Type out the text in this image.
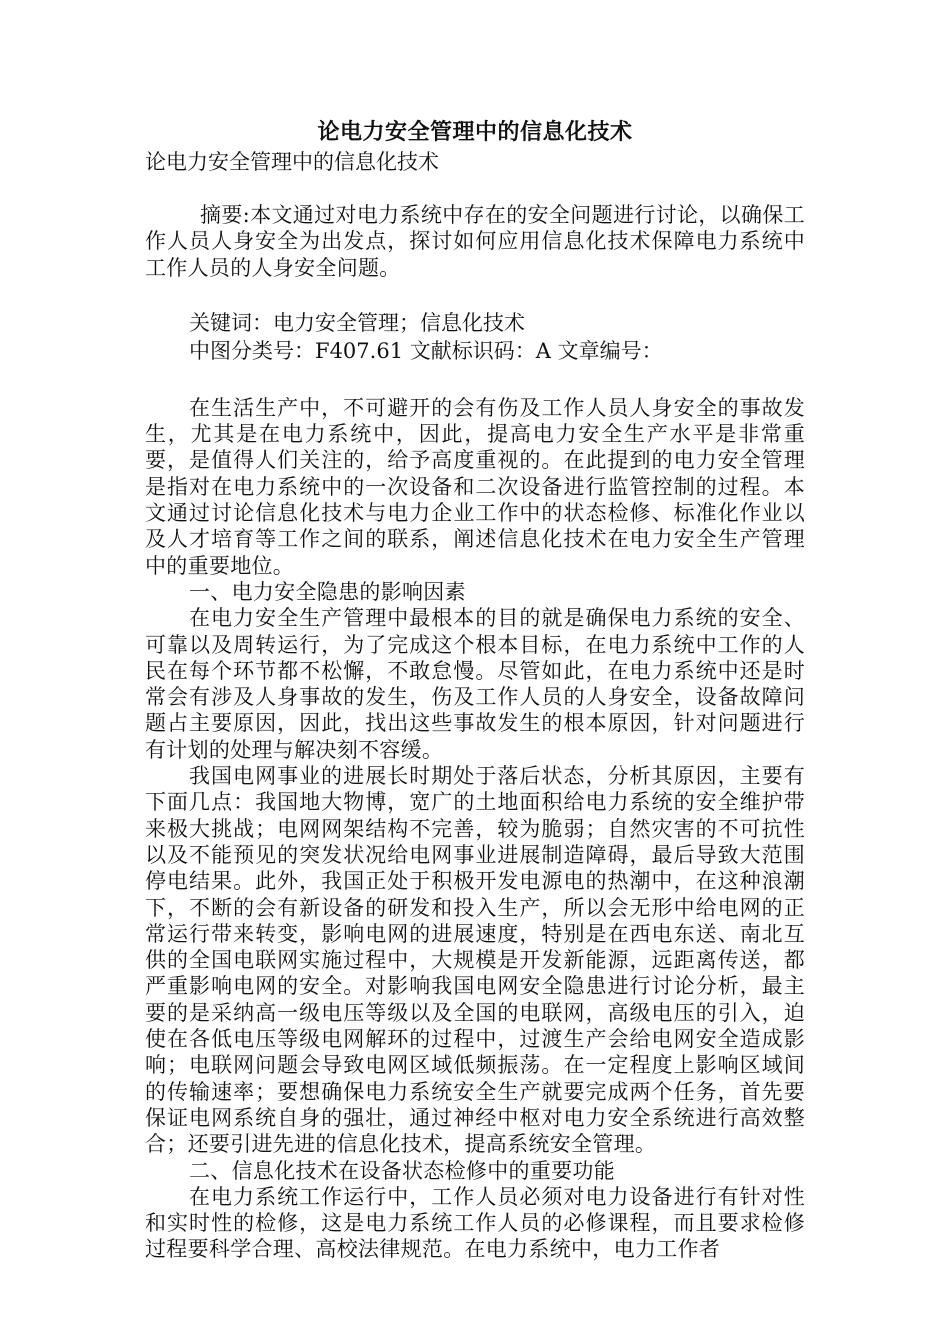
论电力安全管理中的信息化技术

论电力安全管理中的信息化技术

摘要:本文通过对电力系统中存在的安全问题进行讨论，以确保工作人员人身安全为出发点，探讨如何应用信息化技术保障电力系统中工作人员的人身安全问题。

关键词：电力安全管理；信息化技术

中图分类号：F407.61 文献标识码：A 文章编号：

在生活生产中，不可避开的会有伤及工作人员人身安全的事故发生，尤其是在电力系统中，因此，提高电力安全生产水平是非常重要，是值得人们关注的，给予高度重视的。在此提到的电力安全管理是指对在电力系统中的一次设备和二次设备进行监管控制的过程。本文通过讨论信息化技术与电力企业工作中的状态检修、标准化作业以及人才培育等工作之间的联系，阐述信息化技术在电力安全生产管理中的重要地位。

一、电力安全隐患的影响因素

在电力安全生产管理中最根本的目的就是确保电力系统的安全、可靠以及周转运行，为了完成这个根本目标，在电力系统中工作的人民在每个环节都不松懈，不敢怠慢。尽管如此，在电力系统中还是时常会有涉及人身事故的发生，伤及工作人员的人身安全，设备故障问题占主要原因，因此，找出这些事故发生的根本原因，针对问题进行有计划的处理与解决刻不容缓。

我国电网事业的进展长时期处于落后状态，分析其原因，主要有下面几点：我国地大物博，宽广的土地面积给电力系统的安全维护带来极大挑战；电网网架结构不完善，较为脆弱；自然灾害的不可抗性以及不能预见的突发状况给电网事业进展制造障碍，最后导致大范围停电结果。此外，我国正处于积极开发电源电的热潮中，在这种浪潮下，不断的会有新设备的研发和投入生产，所以会无形中给电网的正常运行带来转变，影响电网的进展速度，特别是在西电东送、南北互供的全国电联网实施过程中，大规模是开发新能源，远距离传送，都严重影响电网的安全。对影响我国电网安全隐患进行讨论分析，最主要的是采纳高一级电压等级以及全国的电联网，高级电压的引入，迫使在各低电压等级电网解环的过程中，过渡生产会给电网安全造成影响；电联网问题会导致电网区域低频振荡。在一定程度上影响区域间的传输速率；要想确保电力系统安全生产就要完成两个任务，首先要保证电网系统自身的强壮，通过神经中枢对电力安全系统进行高效整合；还要引进先进的信息化技术，提高系统安全管理。

二、信息化技术在设备状态检修中的重要功能

在电力系统工作运行中，工作人员必须对电力设备进行有针对性和实时性的检修，这是电力系统工作人员的必修课程，而且要求检修过程要科学合理、高校法律规范。在电力系统中，电力工作者
